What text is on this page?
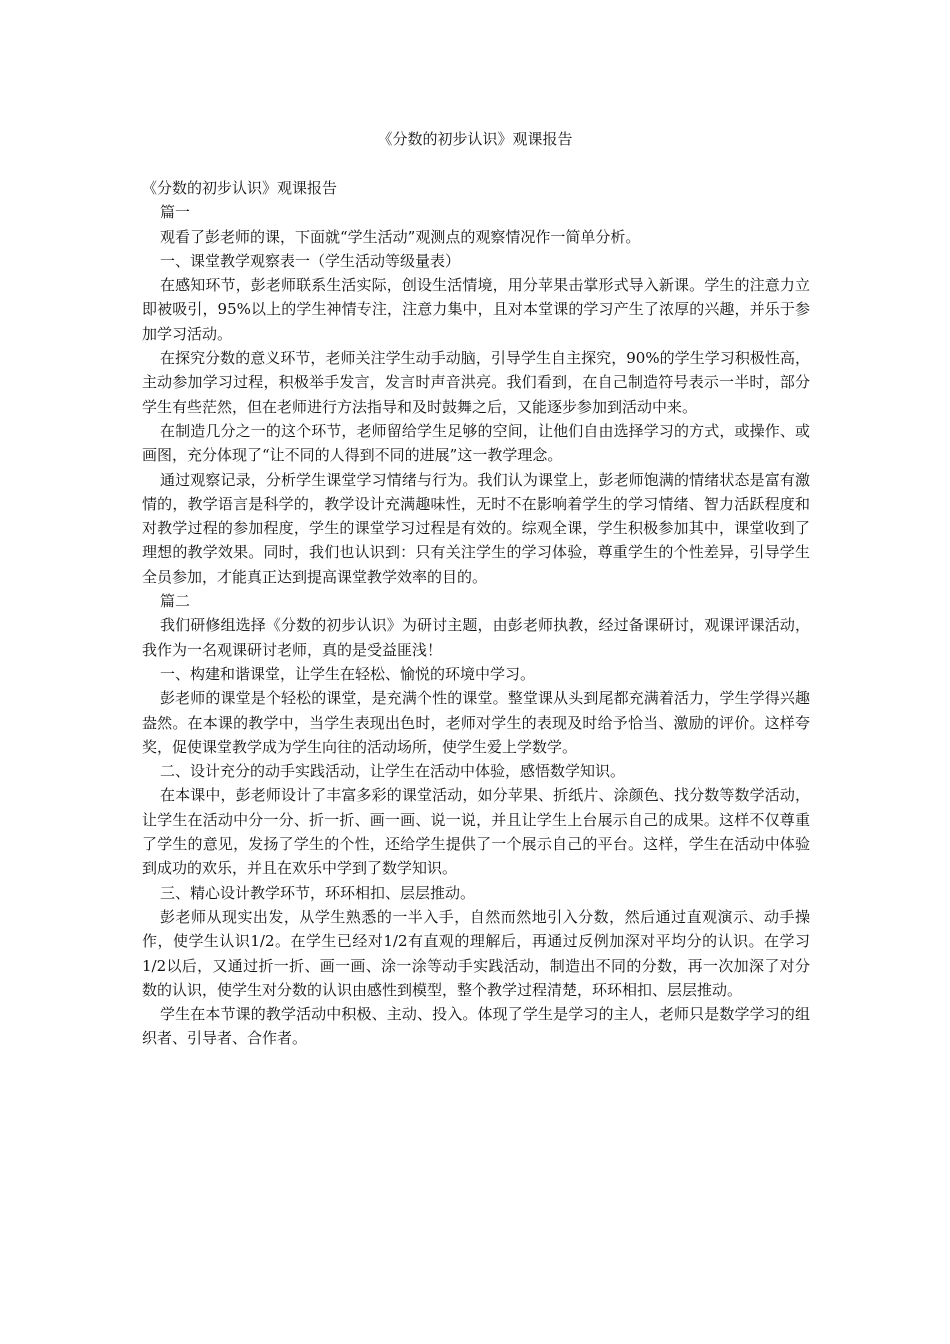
《分数的初步认识》观课报告

《分数的初步认识》观课报告

篇一

观看了彭老师的课，下面就“学生活动”观测点的观察情况作一简单分析。

一、课堂教学观察表一（学生活动等级量表）

在感知环节，彭老师联系生活实际，创设生活情境，用分苹果击掌形式导入新课。学生的注意力立即被吸引，95%以上的学生神情专注，注意力集中，且对本堂课的学习产生了浓厚的兴趣，并乐于参加学习活动。

在探究分数的意义环节，老师关注学生动手动脑，引导学生自主探究，90%的学生学习积极性高，主动参加学习过程，积极举手发言，发言时声音洪亮。我们看到，在自己制造符号表示一半时，部分学生有些茫然，但在老师进行方法指导和及时鼓舞之后，又能逐步参加到活动中来。

在制造几分之一的这个环节，老师留给学生足够的空间，让他们自由选择学习的方式，或操作、或画图，充分体现了“让不同的人得到不同的进展”这一教学理念。

通过观察记录，分析学生课堂学习情绪与行为。我们认为课堂上，彭老师饱满的情绪状态是富有激情的，教学语言是科学的，教学设计充满趣味性，无时不在影响着学生的学习情绪、智力活跃程度和对教学过程的参加程度，学生的课堂学习过程是有效的。综观全课，学生积极参加其中，课堂收到了理想的教学效果。同时，我们也认识到：只有关注学生的学习体验，尊重学生的个性差异，引导学生全员参加，才能真正达到提高课堂教学效率的目的。

篇二

我们研修组选择《分数的初步认识》为研讨主题，由彭老师执教，经过备课研讨，观课评课活动，我作为一名观课研讨老师，真的是受益匪浅！

一、构建和谐课堂，让学生在轻松、愉悦的环境中学习。

彭老师的课堂是个轻松的课堂，是充满个性的课堂。整堂课从头到尾都充满着活力，学生学得兴趣盎然。在本课的教学中，当学生表现出色时，老师对学生的表现及时给予恰当、激励的评价。这样夸奖，促使课堂教学成为学生向往的活动场所，使学生爱上学数学。

二、设计充分的动手实践活动，让学生在活动中体验，感悟数学知识。

在本课中，彭老师设计了丰富多彩的课堂活动，如分苹果、折纸片、涂颜色、找分数等数学活动，让学生在活动中分一分、折一折、画一画、说一说，并且让学生上台展示自己的成果。这样不仅尊重了学生的意见，发扬了学生的个性，还给学生提供了一个展示自己的平台。这样，学生在活动中体验到成功的欢乐，并且在欢乐中学到了数学知识。

三、精心设计教学环节，环环相扣、层层推动。

彭老师从现实出发，从学生熟悉的一半入手，自然而然地引入分数，然后通过直观演示、动手操作，使学生认识1/2。在学生已经对1/2有直观的理解后，再通过反例加深对平均分的认识。在学习1/2以后，又通过折一折、画一画、涂一涂等动手实践活动，制造出不同的分数，再一次加深了对分数的认识，使学生对分数的认识由感性到模型，整个教学过程清楚，环环相扣、层层推动。

学生在本节课的教学活动中积极、主动、投入。体现了学生是学习的主人，老师只是数学学习的组织者、引导者、合作者。
